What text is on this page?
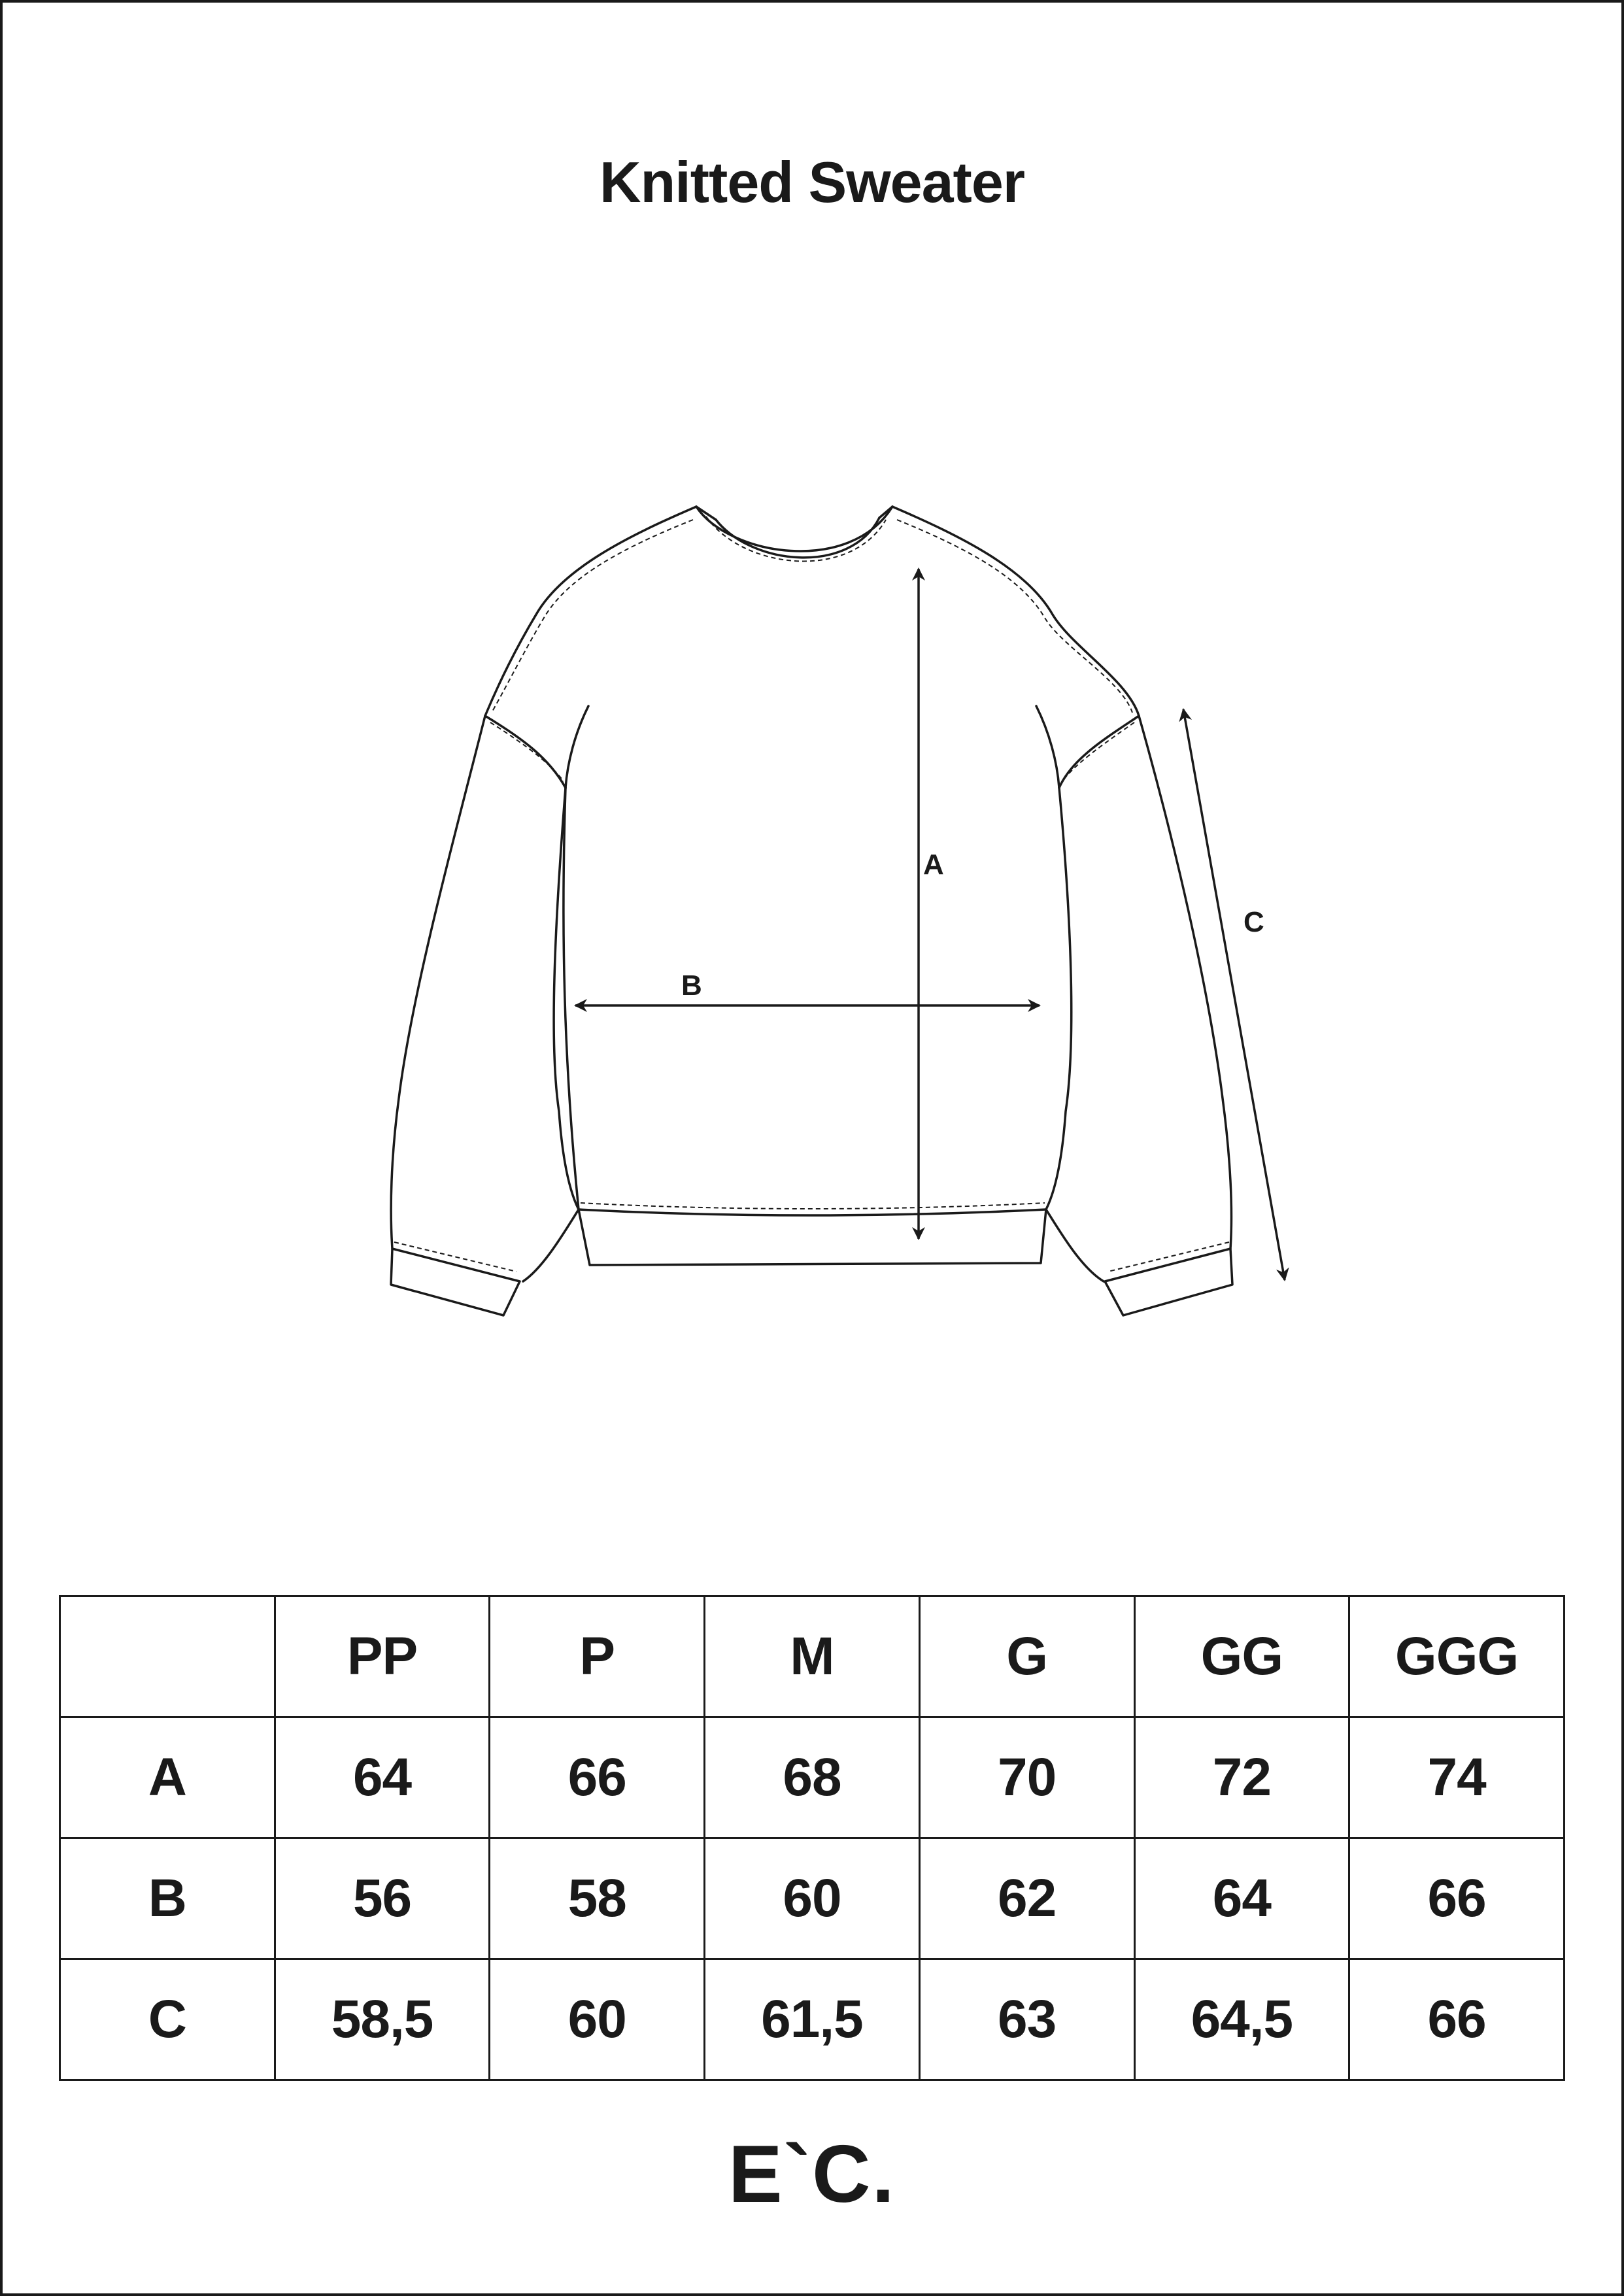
Knitted Sweater
A
B
C
	PP	P	M	G	GG	GGG
A	64	66	68	70	72	74
B	56	58	60	62	64	66
C	58,5	60	61,5	63	64,5	66
E`C.
